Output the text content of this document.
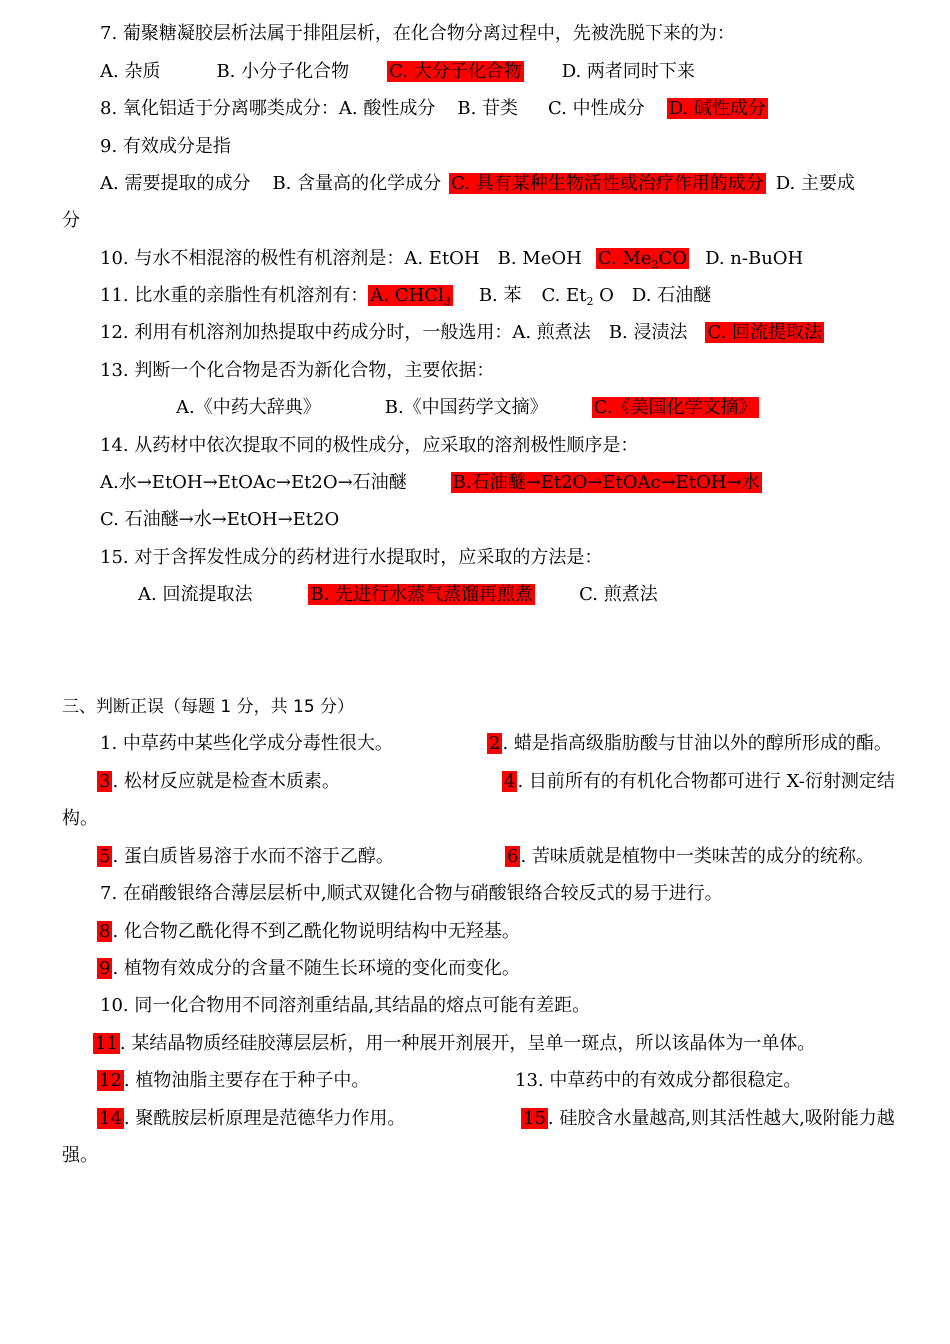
7. 葡聚糖凝胶层析法属于排阻层析，在化合物分离过程中，先被洗脱下来的为：
A. 杂质	B. 小分子化合物 C. 大分子化合物 D. 两者同时下来
8. 氧化铝适于分离哪类成分：A. 酸性成分 B. 苷类 C. 中性成分 D. 碱性成分
9. 有效成分是指
A. 需要提取的成分 B. 含量高的化学成分 C. 具有某种生物活性或治疗作用的成分 D. 主要成
分
10. 与水不相混溶的极性有机溶剂是：A. EtOH B. MeOH C. $Me_2CO$ D. n-BuOH
11. 比水重的亲脂性有机溶剂有： A. CHCl$_3$ B. 苯 C. $Et_2$ O D. 石油醚
12. 利用有机溶剂加热提取中药成分时，一般选用：A. 煎煮法 B. 浸渍法 C. 回流提取法
13. 判断一个化合物是否为新化合物，主要依据：
A.《中药大辞典》	B.《中国药学文摘》	C.《美国化学文摘》
14. 从药材中依次提取不同的极性成分，应采取的溶剂极性顺序是：
A.水→EtOH→EtOAc→Et2O→石油醚	B.石油醚→Et2O→EtOAc→EtOH→水
C. 石油醚→水→EtOH→Et2O
15. 对于含挥发性成分的药材进行水提取时，应采取的方法是：
A. 回流提取法	B. 先进行水蒸气蒸馏再煎煮	C. 煎煮法
三、判断正误（每题 1 分，共 15 分）
1. 中草药中某些化学成分毒性很大。	2 . 蜡是指高级脂肪酸与甘油以外的醇所形成的酯。
3 . 松材反应就是检查木质素。	4 . 目前所有的有机化合物都可进行 X-衍射测定结
构。
5 . 蛋白质皆易溶于水而不溶于乙醇。	6 . 苦味质就是植物中一类味苦的成分的统称。
7. 在硝酸银络合薄层层析中,顺式双键化合物与硝酸银络合较反式的易于进行。
8 . 化合物乙酰化得不到乙酰化物说明结构中无羟基。
9 . 植物有效成分的含量不随生长环境的变化而变化。
10. 同一化合物用不同溶剂重结晶,其结晶的熔点可能有差距。
11 . 某结晶物质经硅胶薄层层析，用一种展开剂展开，呈单一斑点，所以该晶体为一单体。
12 . 植物油脂主要存在于种子中。	13. 中草药中的有效成分都很稳定。
14 . 聚酰胺层析原理是范德华力作用。	15 . 硅胶含水量越高,则其活性越大,吸附能力越
强。
